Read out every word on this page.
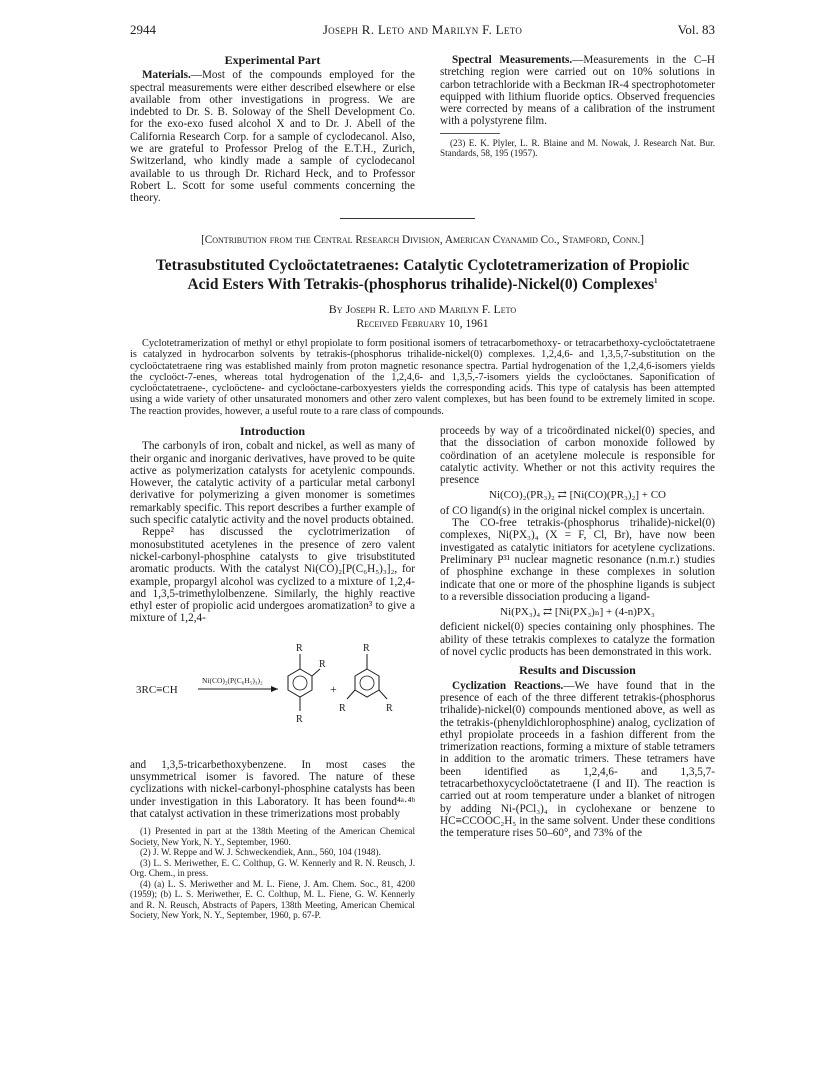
2944	Joseph R. Leto and Marilyn F. Leto	Vol. 83
Experimental Part

Materials.—Most of the compounds employed for the spectral measurements were either described elsewhere or else available from other investigations in progress. We are indebted to Dr. S. B. Soloway of the Shell Development Co. for the exo-exo fused alcohol X and to Dr. J. Abell of the California Research Corp. for a sample of cyclodecanol. Also, we are grateful to Professor Prelog of the E.T.H., Zurich, Switzerland, who kindly made a sample of cyclodecanol available to us through Dr. Richard Heck, and to Professor Robert L. Scott for some useful comments concerning the theory.

Spectral Measurements.—Measurements in the C–H stretching region were carried out on 10% solutions in carbon tetrachloride with a Beckman IR-4 spectrophotometer equipped with lithium fluoride optics. Observed frequencies were corrected by means of a calibration of the instrument with a polystyrene film.

(23) E. K. Plyler, L. R. Blaine and M. Nowak, J. Research Nat. Bur. Standards, 58, 195 (1957).

[Contribution from the Central Research Division, American Cyanamid Co., Stamford, Conn.]
Tetrasubstituted Cycloöctatetraenes: Catalytic Cyclotetramerization of Propiolic
Acid Esters With Tetrakis-(phosphorus trihalide)-Nickel(0) Complexes$^1$
By Joseph R. Leto and Marilyn F. Leto
Received February 10, 1961

Cyclotetramerization of methyl or ethyl propiolate to form positional isomers of tetracarbomethoxy- or tetracarbethoxy-cycloöctatetraene is catalyzed in hydrocarbon solvents by tetrakis-(phosphorus trihalide-nickel(0) complexes. 1,2,4,6- and 1,3,5,7-substitution on the cycloöctatetraene ring was established mainly from proton magnetic resonance spectra. Partial hydrogenation of the 1,2,4,6-isomers yields the cycloöct-7-enes, whereas total hydrogenation of the 1,2,4,6- and 1,3,5,-7-isomers yields the cycloöctanes. Saponification of cycloöctatetraene-, cycloöctene- and cycloöctane-carboxyesters yields the corresponding acids. This type of catalysis has been attempted using a wide variety of other unsaturated monomers and other zero valent complexes, but has been found to be extremely limited in scope. The reaction provides, however, a useful route to a rare class of compounds.

Introduction

The carbonyls of iron, cobalt and nickel, as well as many of their organic and inorganic derivatives, have proved to be quite active as polymerization catalysts for acetylenic compounds. However, the catalytic activity of a particular metal carbonyl derivative for polymerizing a given monomer is sometimes remarkably specific. This report describes a further example of such specific catalytic activity and the novel products obtained.

Reppe² has discussed the cyclotrimerization of monosubstituted acetylenes in the presence of zero valent nickel-carbonyl-phosphine catalysts to give trisubstituted aromatic products. With the catalyst Ni(CO)₂[P(C₆H₅)₃]₂, for example, propargyl alcohol was cyclized to a mixture of 1,2,4- and 1,3,5-trimethylolbenzene. Similarly, the highly reactive ethyl ester of propiolic acid undergoes aromatization³ to give a mixture of 1,2,4-

3RC≡CH
Ni(CO)₂(P(C₆H₅)₃)₂
R
R
R
+
R
R	R

and 1,3,5-tricarbethoxybenzene. In most cases the unsymmetrical isomer is favored. The nature of these cyclizations with nickel-carbonyl-phosphine catalysts has been under investigation in this Laboratory. It has been found⁴ᵃ·⁴ᵇ that catalyst activation in these trimerizations most probably

(1) Presented in part at the 138th Meeting of the American Chemical Society, New York, N. Y., September, 1960.

(2) J. W. Reppe and W. J. Schweckendiek, Ann., 560, 104 (1948).

(3) L. S. Meriwether, E. C. Colthup, G. W. Kennerly and R. N. Reusch, J. Org. Chem., in press.

(4) (a) L. S. Meriwether and M. L. Fiene, J. Am. Chem. Soc., 81, 4200 (1959); (b) L. S. Meriwether, E. C. Colthup, M. L. Fiene, G. W. Kennerly and R. N. Reusch, Abstracts of Papers, 138th Meeting, American Chemical Society, New York, N. Y., September, 1960, p. 67-P.

proceeds by way of a tricoördinated nickel(0) species, and that the dissociation of carbon monoxide followed by coördination of an acetylene molecule is responsible for catalytic activity. Whether or not this activity requires the presence

Ni(CO)₂(PR₃)₂ ⇄ [Ni(CO)(PR₃)₂] + CO

of CO ligand(s) in the original nickel complex is uncertain.

The CO-free tetrakis-(phosphorus trihalide)-nickel(0) complexes, Ni(PX₃)₄ (X = F, Cl, Br), have now been investigated as catalytic initiators for acetylene cyclizations. Preliminary P³¹ nuclear magnetic resonance (n.m.r.) studies of phosphine exchange in these complexes in solution indicate that one or more of the phosphine ligands is subject to a reversible dissociation producing a ligand-

Ni(PX₃)₄ ⇄ [Ni(PX₃)ₙ] + (4-n)PX₃

deficient nickel(0) species containing only phosphines. The ability of these tetrakis complexes to catalyze the formation of novel cyclic products has been demonstrated in this work.

Results and Discussion

Cyclization Reactions.—We have found that in the presence of each of the three different tetrakis-(phosphorus trihalide)-nickel(0) compounds mentioned above, as well as the tetrakis-(phenyldichlorophosphine) analog, cyclization of ethyl propiolate proceeds in a fashion different from the trimerization reactions, forming a mixture of stable tetramers in addition to the aromatic trimers. These tetramers have been identified as 1,2,4,6- and 1,3,5,7-tetracarbethoxycycloöctatetraene (I and II). The reaction is carried out at room temperature under a blanket of nitrogen by adding Ni-(PCl₃)₄ in cyclohexane or benzene to HC≡CCOOC₂H₅ in the same solvent. Under these conditions the temperature rises 50–60°, and 73% of the
